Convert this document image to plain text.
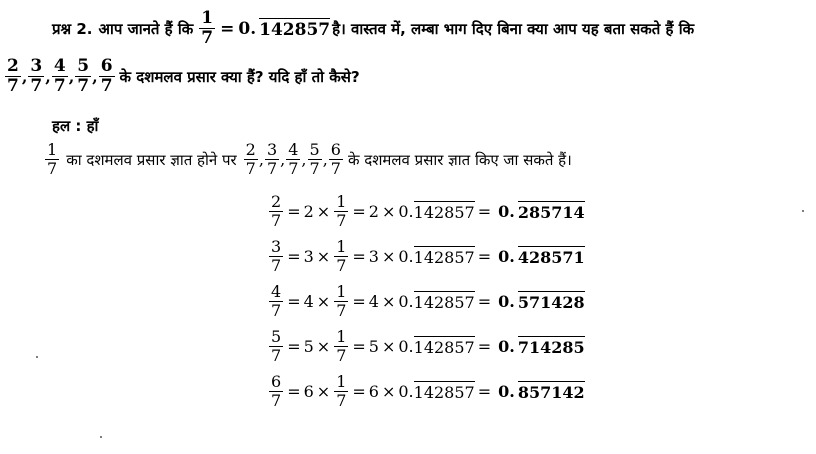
प्रश्न 2. आप जानते हैं कि $\frac{1}{7} = 0$. 142857 है। वास्तव में, लम्बा भाग दिए बिना क्या आप यह बता सकते हैं कि
$\frac{2}{7}$ , $\frac{3}{7}$ , $\frac{4}{7}$ , $\frac{5}{7}$ , $\frac{6}{7}$ के दशमलव प्रसार क्या हैं? यदि हाँ तो कैसे?
हल : हाँ
$\frac{1}{7}$ का दशमलव प्रसार ज्ञात होने पर $\frac{2}{7}$ , $\frac{3}{7}$ , $\frac{4}{7}$ , $\frac{5}{7}$ , $\frac{6}{7}$ के दशमलव प्रसार ज्ञात किए जा सकते हैं।
$\frac{2}{7} = 2 \times \frac{1}{7} = 2 \times 0$. 142857 = 0. 285714
$\frac{3}{7} = 3 \times \frac{1}{7} = 3 \times 0$. 142857 = 0. 428571
$\frac{4}{7} = 4 \times \frac{1}{7} = 4 \times 0$. 142857 = 0. 571428
$\frac{5}{7} = 5 \times \frac{1}{7} = 5 \times 0$. 142857 = 0. 714285
$\frac{6}{7} = 6 \times \frac{1}{7} = 6 \times 0$. 142857 = 0. 857142
